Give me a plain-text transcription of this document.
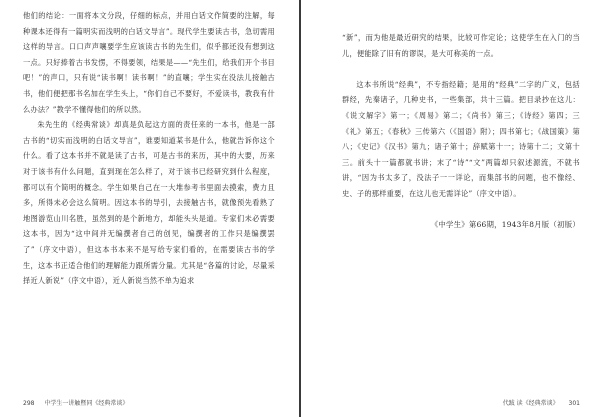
他们的结论：一面将本文分段，仔细的标点，并用白话文作简要的注解，每种课本还得有一篇明实而浅明的白话文导言”。现代学生要读古书，急切需用这样的导言。口口声声嚷要学生应该读古书的先生们，似乎都还没有想到这一点。只好捧着古书发愣，不得要领，结果是——“先生们，给我们开个书目吧！”的声口，只有说“读书啊！读书啊！”的直嚷；学生实在没法儿接触古书，他们便把那书名加在学生头上，“你们自己不要好，不爱读书，教我有什么办法？”教学不懂得他们的所以然。

朱先生的《经典常谈》却真是负起这方面的责任来的一本书，他是一部古书的“切实而浅明的白话文导言”，谁要知道某书是什么，他就告诉你这个什么。看了这本书并不就是读了古书，可是古书的来历，其中的大要，历来对于该书有什么问题，直到现在怎么样了，对于该书已经研究到什么程度，都可以有个简明的概念。学生如果自己在一大堆参考书里面去摸索，费力且多，所得未必会这么简明。因这本书的导引，去接触古书，就像预先看熟了地图游览山川名胜，虽然到的是个新地方，却能头头是道。专家们未必需要这本书，因为“这中间并无编撰者自己的创见，编撰者的工作只是编撰罢了”（序文中语），但这本书本来不是写给专家们看的，在需要读古书的学生，这本书正适合他们的理解能力跟所需分量。尤其是“各篇的讨论，尽量采择近人新说”（序文中语），近人新说当然不单为追求

298 中学生一讲触暨同《经典常谈》

“新”，而为他是最近研究的结果，比较可作定论；这使学生在入门的当儿，便能除了旧有的谬误，是大可称美的一点。

这本书所说“经典”，不专指经籍；是用的“经典”二字的广义，包括群经，先秦诸子，几种史书，一些集部，共十三篇。把目录抄在这儿：《说文解字》第一；《周易》第二；《尚书》第三；《诗经》第四；三《礼》第五；《春秋》三传第六（《国语》附）；四书第七；《战国策》第八；《史记》《汉书》第九；诸子第十；辞赋第十一；诗第十二；文第十三。前头十一篇都就书讲；末了“诗”“文”两篇却只叙述源流，不就书讲，“因为书太多了，没法子一一详论，而集部书的问题，也不像经、史、子的那样重要，在这儿也无需详论”（序文中语）。

《中学生》第66期，1943年8月版（初版）

代跋 读《经典常谈》 301
